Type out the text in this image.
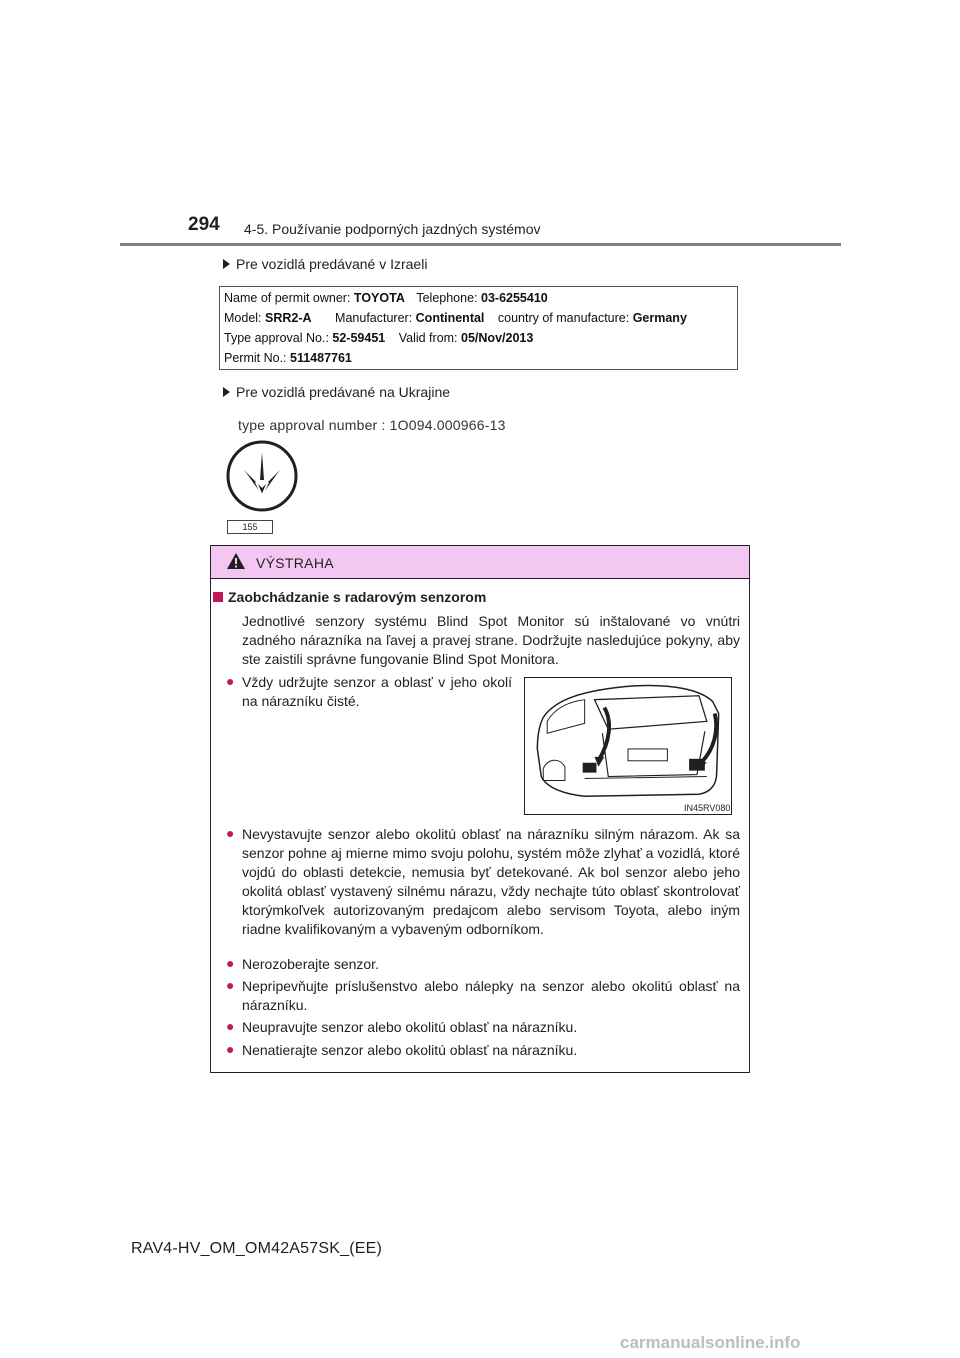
294 4-5. Používanie podporných jazdných systémov
Pre vozidlá predávané v Izraeli
Name of permit owner: TOYOTA Telephone: 03-6255410
Model: SRR2-A Manufacturer: Continental country of manufacture: Germany
Type approval No.: 52-59451 Valid from: 05/Nov/2013
Permit No.: 511487761
Pre vozidlá predávané na Ukrajine
type approval number : 1O094.000966-13
155
VÝSTRAHA
Zaobchádzanie s radarovým senzorom
Jednotlivé senzory systému Blind Spot Monitor sú inštalované vo vnútri zadného nárazníka na ľavej a pravej strane. Dodržujte nasledujúce pokyny, aby ste zaistili správne fungovanie Blind Spot Monitora.
● Vždy udržujte senzor a oblasť v jeho okolí na nárazníku čisté.
IN45RV080
● Nevystavujte senzor alebo okolitú oblasť na nárazníku silným nárazom. Ak sa senzor pohne aj mierne mimo svoju polohu, systém môže zlyhať a vozidlá, ktoré vojdú do oblasti detekcie, nemusia byť detekované. Ak bol senzor alebo jeho okolitá oblasť vystavený silnému nárazu, vždy nechajte túto oblasť skontrolovať ktorýmkoľvek autorizovaným predajcom alebo servisom Toyota, alebo iným riadne kvalifikovaným a vybaveným odborníkom.
● Nerozoberajte senzor.
● Nepripevňujte príslušenstvo alebo nálepky na senzor alebo okolitú oblasť na nárazníku.
● Neupravujte senzor alebo okolitú oblasť na nárazníku.
● Nenatierajte senzor alebo okolitú oblasť na nárazníku.
RAV4-HV_OM_OM42A57SK_(EE)
carmanualsonline.info
